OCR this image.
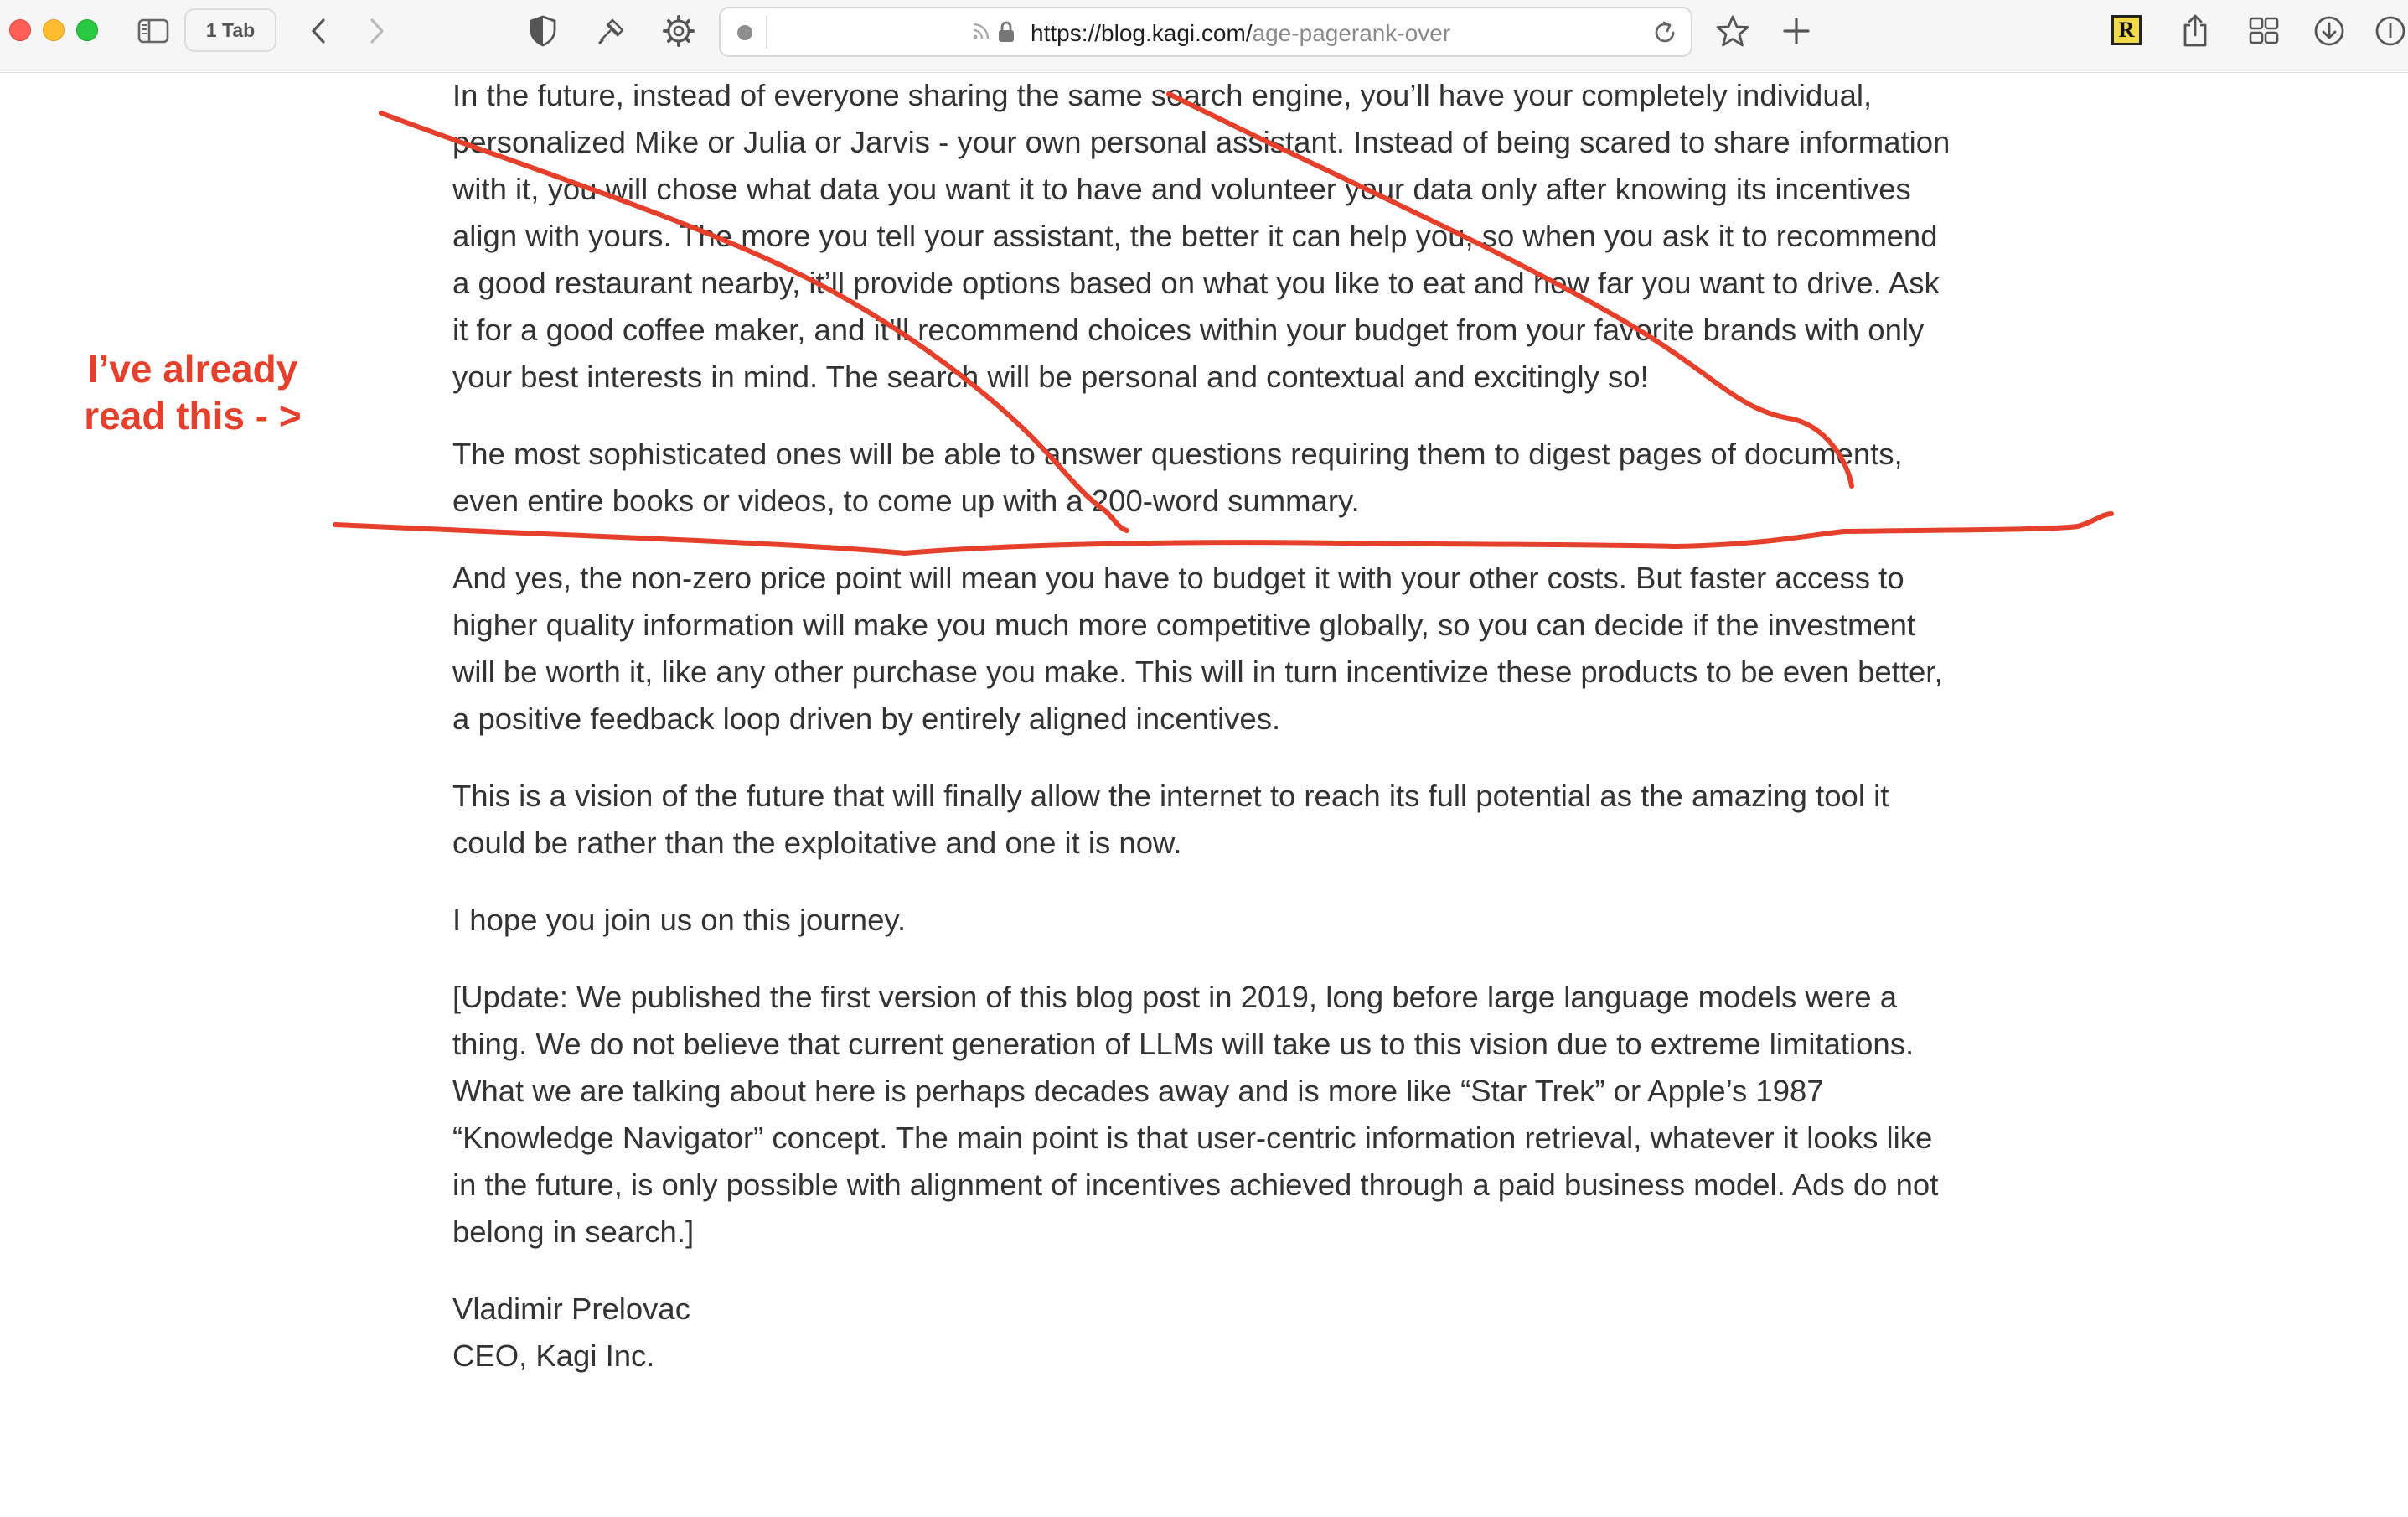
1 Tab	https://blog.kagi.com/age-pagerank-over	R

In the future, instead of everyone sharing the same search engine, you’ll have your completely individual, personalized Mike or Julia or Jarvis - your own personal assistant. Instead of being scared to share information with it, you will chose what data you want it to have and volunteer your data only after knowing its incentives align with yours. The more you tell your assistant, the better it can help you, so when you ask it to recommend a good restaurant nearby, it’ll provide options based on what you like to eat and how far you want to drive. Ask it for a good coffee maker, and it’ll recommend choices within your budget from your favorite brands with only your best interests in mind. The search will be personal and contextual and excitingly so!

The most sophisticated ones will be able to answer questions requiring them to digest pages of documents, even entire books or videos, to come up with a 200-word summary.

And yes, the non-zero price point will mean you have to budget it with your other costs. But faster access to higher quality information will make you much more competitive globally, so you can decide if the investment will be worth it, like any other purchase you make. This will in turn incentivize these products to be even better, a positive feedback loop driven by entirely aligned incentives.

This is a vision of the future that will finally allow the internet to reach its full potential as the amazing tool it could be rather than the exploitative and one it is now.

I hope you join us on this journey.

[Update: We published the first version of this blog post in 2019, long before large language models were a thing. We do not believe that current generation of LLMs will take us to this vision due to extreme limitations. What we are talking about here is perhaps decades away and is more like “Star Trek” or Apple’s 1987 “Knowledge Navigator” concept. The main point is that user-centric information retrieval, whatever it looks like in the future, is only possible with alignment of incentives achieved through a paid business model. Ads do not belong in search.]

Vladimir Prelovac
CEO, Kagi Inc.
I’ve already
read this - >
